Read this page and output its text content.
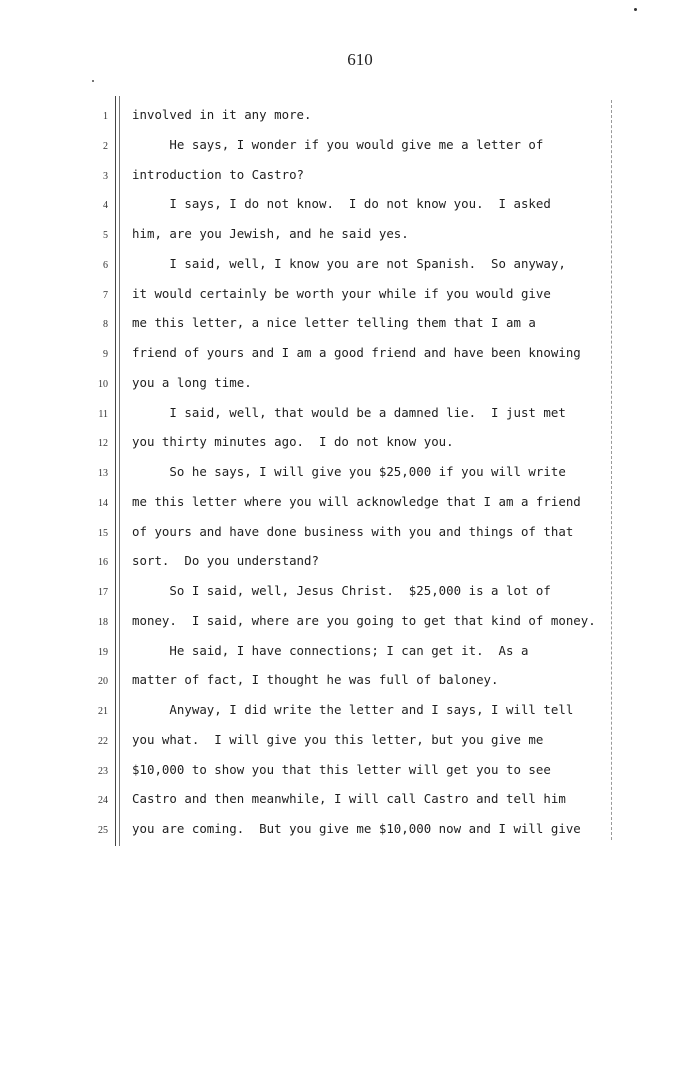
610
1 involved in it any more.
2 He says, I wonder if you would give me a letter of
3 introduction to Castro?
4 I says, I do not know.  I do not know you.  I asked
5 him, are you Jewish, and he said yes.
6 I said, well, I know you are not Spanish.  So anyway,
7 it would certainly be worth your while if you would give
8 me this letter, a nice letter telling them that I am a
9 friend of yours and I am a good friend and have been knowing
10 you a long time.
11 I said, well, that would be a damned lie.  I just met
12 you thirty minutes ago.  I do not know you.
13 So he says, I will give you $25,000 if you will write
14 me this letter where you will acknowledge that I am a friend
15 of yours and have done business with you and things of that
16 sort.  Do you understand?
17 So I said, well, Jesus Christ.  $25,000 is a lot of
18 money.  I said, where are you going to get that kind of money.
19 He said, I have connections; I can get it.  As a
20 matter of fact, I thought he was full of baloney.
21 Anyway, I did write the letter and I says, I will tell
22 you what.  I will give you this letter, but you give me
23 $10,000 to show you that this letter will get you to see
24 Castro and then meanwhile, I will call Castro and tell him
25 you are coming.  But you give me $10,000 now and I will give
